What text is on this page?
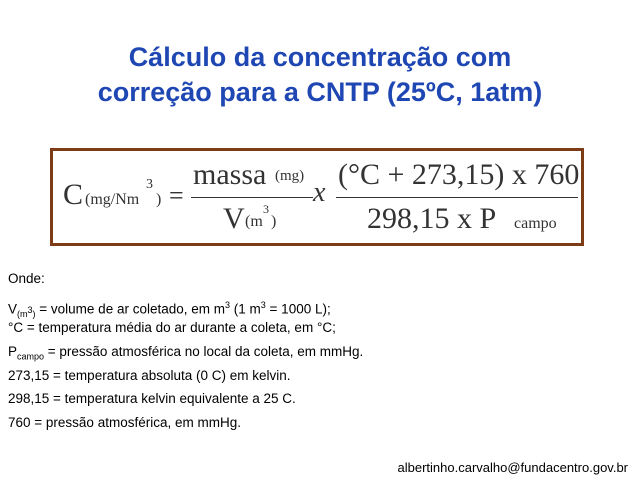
Cálculo da concentração com
correção para a CNTP (25ºC, 1atm)
C (mg/Nm
3
) =
massa (mg)
V (m
3
)
x
(°C + 273,15) x 760
298,15 x P campo
Onde:
$V_{(m^3)}$ = volume de ar coletado, em $m^3$ (1 $m^3 = 1000$ L);
°C = temperatura média do ar durante a coleta, em °C;
$P_{campo}$ = pressão atmosférica no local da coleta, em mmHg.
273,15 = temperatura absoluta (0 C) em kelvin.
298,15 = temperatura kelvin equivalente a 25 C.
760 = pressão atmosférica, em mmHg.
albertinho.carvalho@fundacentro.gov.br
